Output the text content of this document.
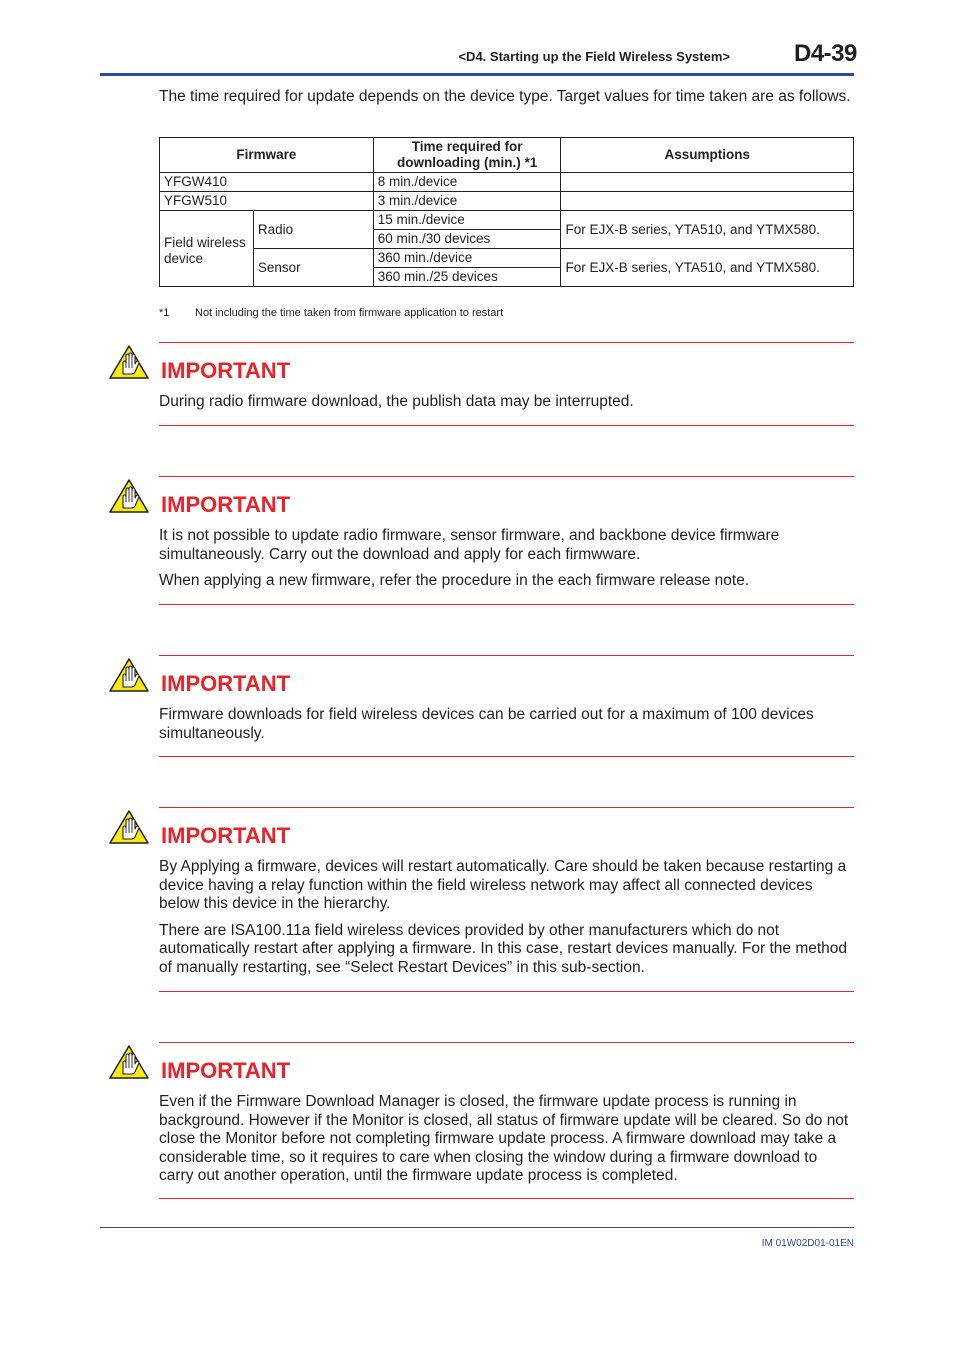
<D4. Starting up the Field Wireless System>	D4-39
The time required for update depends on the device type. Target values for time taken are as follows.
Firmware		Time required for downloading (min.) *1	Assumptions
YFGW410		8 min./device	
YFGW510		3 min./device	
Field wireless device	Radio	15 min./device	For EJX-B series, YTA510, and YTMX580.
		60 min./30 devices	
	Sensor	360 min./device	For EJX-B series, YTA510, and YTMX580.
		360 min./25 devices	
*1 Not including the time taken from firmware application to restart
IMPORTANT

During radio firmware download, the publish data may be interrupted.

IMPORTANT

It is not possible to update radio firmware, sensor firmware, and backbone device firmware simultaneously. Carry out the download and apply for each firmwware.

When applying a new firmware, refer the procedure in the each firmware release note.

IMPORTANT

Firmware downloads for field wireless devices can be carried out for a maximum of 100 devices simultaneously.

IMPORTANT

By Applying a firmware, devices will restart automatically. Care should be taken because restarting a device having a relay function within the field wireless network may affect all connected devices below this device in the hierarchy.

There are ISA100.11a field wireless devices provided by other manufacturers which do not automatically restart after applying a firmware. In this case, restart devices manually. For the method of manually restarting, see “Select Restart Devices” in this sub-section.

IMPORTANT

Even if the Firmware Download Manager is closed, the firmware update process is running in background. However if the Monitor is closed, all status of firmware update will be cleared. So do not close the Monitor before not completing firmware update process. A firmware download may take a considerable time, so it requires to care when closing the window during a firmware download to carry out another operation, until the firmware update process is completed.

IM 01W02D01-01EN
